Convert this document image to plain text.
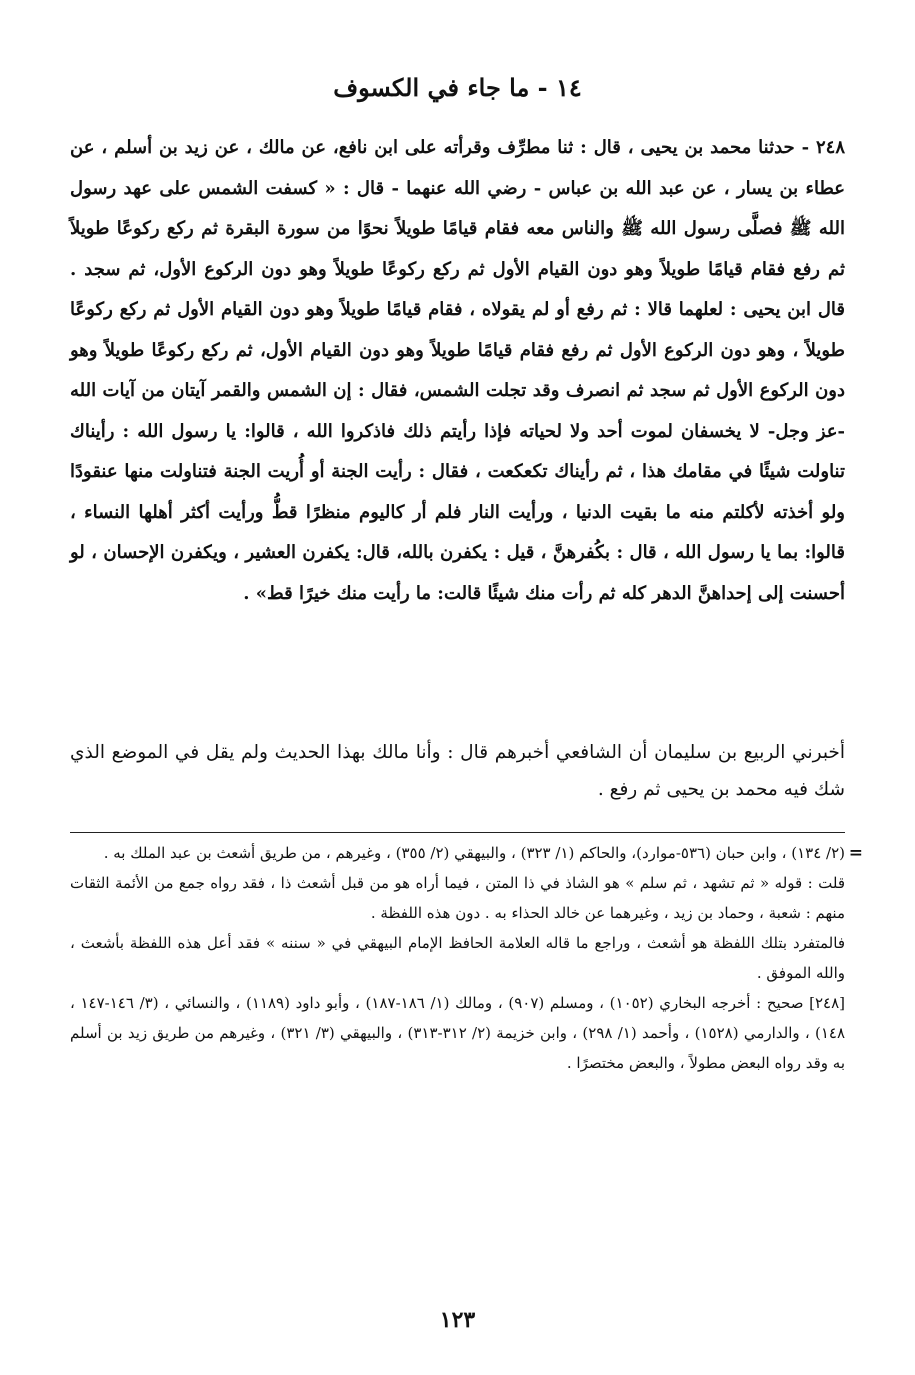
١٤ - ما جاء في الكسوف

٢٤٨ - حدثنا محمد بن يحيى ، قال : ثنا مطرِّف وقرأته على ابن نافع، عن مالك ، عن زيد بن أسلم ، عن عطاء بن يسار ، عن عبد الله بن عباس - رضي الله عنهما - قال : « كسفت الشمس على عهد رسول الله ﷺ فصلَّى رسول الله ﷺ والناس معه فقام قيامًا طويلاً نحوًا من سورة البقرة ثم ركع ركوعًا طويلاً ثم رفع فقام قيامًا طويلاً وهو دون القيام الأول ثم ركع ركوعًا طويلاً وهو دون الركوع الأول، ثم سجد . قال ابن يحيى : لعلهما قالا : ثم رفع أو لم يقولاه ، فقام قيامًا طويلاً وهو دون القيام الأول ثم ركع ركوعًا طويلاً ، وهو دون الركوع الأول ثم رفع فقام قيامًا طويلاً وهو دون القيام الأول، ثم ركع ركوعًا طويلاً وهو دون الركوع الأول ثم سجد ثم انصرف وقد تجلت الشمس، فقال : إن الشمس والقمر آيتان من آيات الله -عز وجل- لا يخسفان لموت أحد ولا لحياته فإذا رأيتم ذلك فاذكروا الله ، قالوا: يا رسول الله : رأيناك تناولت شيئًا في مقامك هذا ، ثم رأيناك تكعكعت ، فقال : رأيت الجنة أو أُريت الجنة فتناولت منها عنقودًا ولو أخذته لأكلتم منه ما بقيت الدنيا ، ورأيت النار فلم أر كاليوم منظرًا قطُّ ورأيت أكثر أهلها النساء ، قالوا: بما يا رسول الله ، قال : بكُفرهنَّ ، قيل : يكفرن بالله، قال: يكفرن العشير ، ويكفرن الإحسان ، لو أحسنت إلى إحداهنَّ الدهر كله ثم رأت منك شيئًا قالت: ما رأيت منك خيرًا قط» .

أخبرني الربيع بن سليمان أن الشافعي أخبرهم قال : وأنا مالك بهذا الحديث ولم يقل في الموضع الذي شك فيه محمد بن يحيى ثم رفع .

=

(٢/ ١٣٤) ، وابن حبان (٥٣٦-موارد)، والحاكم (١/ ٣٢٣) ، والبيهقي (٢/ ٣٥٥) ، وغيرهم ، من طريق أشعث بن عبد الملك به .

قلت : قوله « ثم تشهد ، ثم سلم » هو الشاذ في ذا المتن ، فيما أراه هو من قبل أشعث ذا ، فقد رواه جمع من الأئمة الثقات منهم : شعبة ، وحماد بن زيد ، وغيرهما عن خالد الحذاء به . دون هذه اللفظة .

فالمتفرد بتلك اللفظة هو أشعث ، وراجع ما قاله العلامة الحافظ الإمام البيهقي في « سننه » فقد أعل هذه اللفظة بأشعث ، والله الموفق .

[٢٤٨] صحيح : أخرجه البخاري (١٠٥٢) ، ومسلم (٩٠٧) ، ومالك (١/ ١٨٦-١٨٧) ، وأبو داود (١١٨٩) ، والنسائي ، (٣/ ١٤٦-١٤٧ ، ١٤٨) ، والدارمي (١٥٢٨) ، وأحمد (١/ ٢٩٨) ، وابن خزيمة (٢/ ٣١٢-٣١٣) ، والبيهقي (٣/ ٣٢١) ، وغيرهم من طريق زيد بن أسلم به وقد رواه البعض مطولاً ، والبعض مختصرًا .

١٢٣
